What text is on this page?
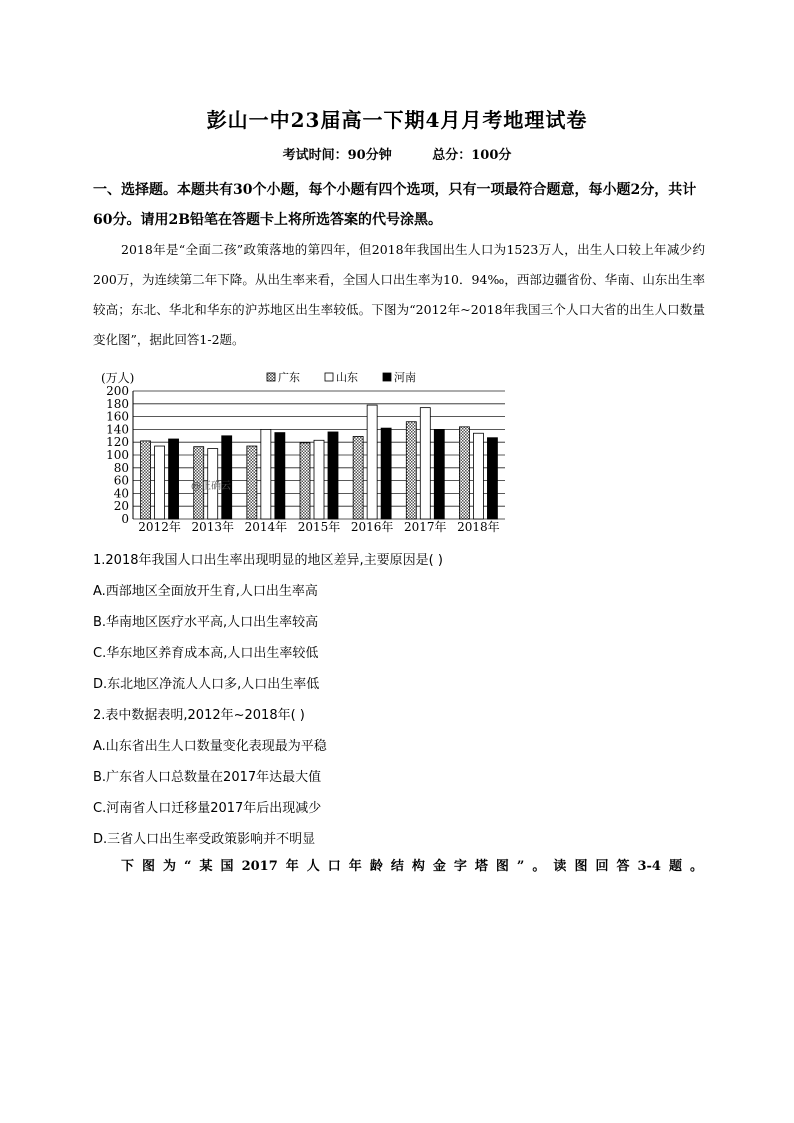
彭山一中23届高一下期4月月考地理试卷
考试时间：90分钟	总分：100分
一、选择题。本题共有30个小题，每个小题有四个选项，只有一项最符合题意，每小题2分，共计
60分。请用2B铅笔在答题卡上将所选答案的代号涂黑。
2018年是“全面二孩”政策落地的第四年，但2018年我国出生人口为1523万人，出生人口较上年减少约200万，为连续第二年下降。从出生率来看，全国人口出生率为10．94‰，西部边疆省份、华南、山东出生率较高；东北、华北和华东的沪苏地区出生率较低。下图为“2012年~2018年我国三个人口大省的出生人口数量变化图”，据此回答1-2题。
(万人)	广东	山东	河南
0
20
40
60
80
100
120
140
160
180
200
2012年 2013年 2014年 2015年 2016年 2017年 2018年
@正确云
1.2018年我国人口出生率出现明显的地区差异,主要原因是( )
A.西部地区全面放开生育,人口出生率高
B.华南地区医疗水平高,人口出生率较高
C.华东地区养育成本高,人口出生率较低
D.东北地区净流人人口多,人口出生率低
2.表中数据表明,2012年~2018年( )
A.山东省出生人口数量变化表现最为平稳
B.广东省人口总数量在2017年达最大值
C.河南省人口迁移量2017年后出现减少
D.三省人口出生率受政策影响并不明显
下图为“某国2017年人口年龄结构金字塔图”。读图回答3-4题。
